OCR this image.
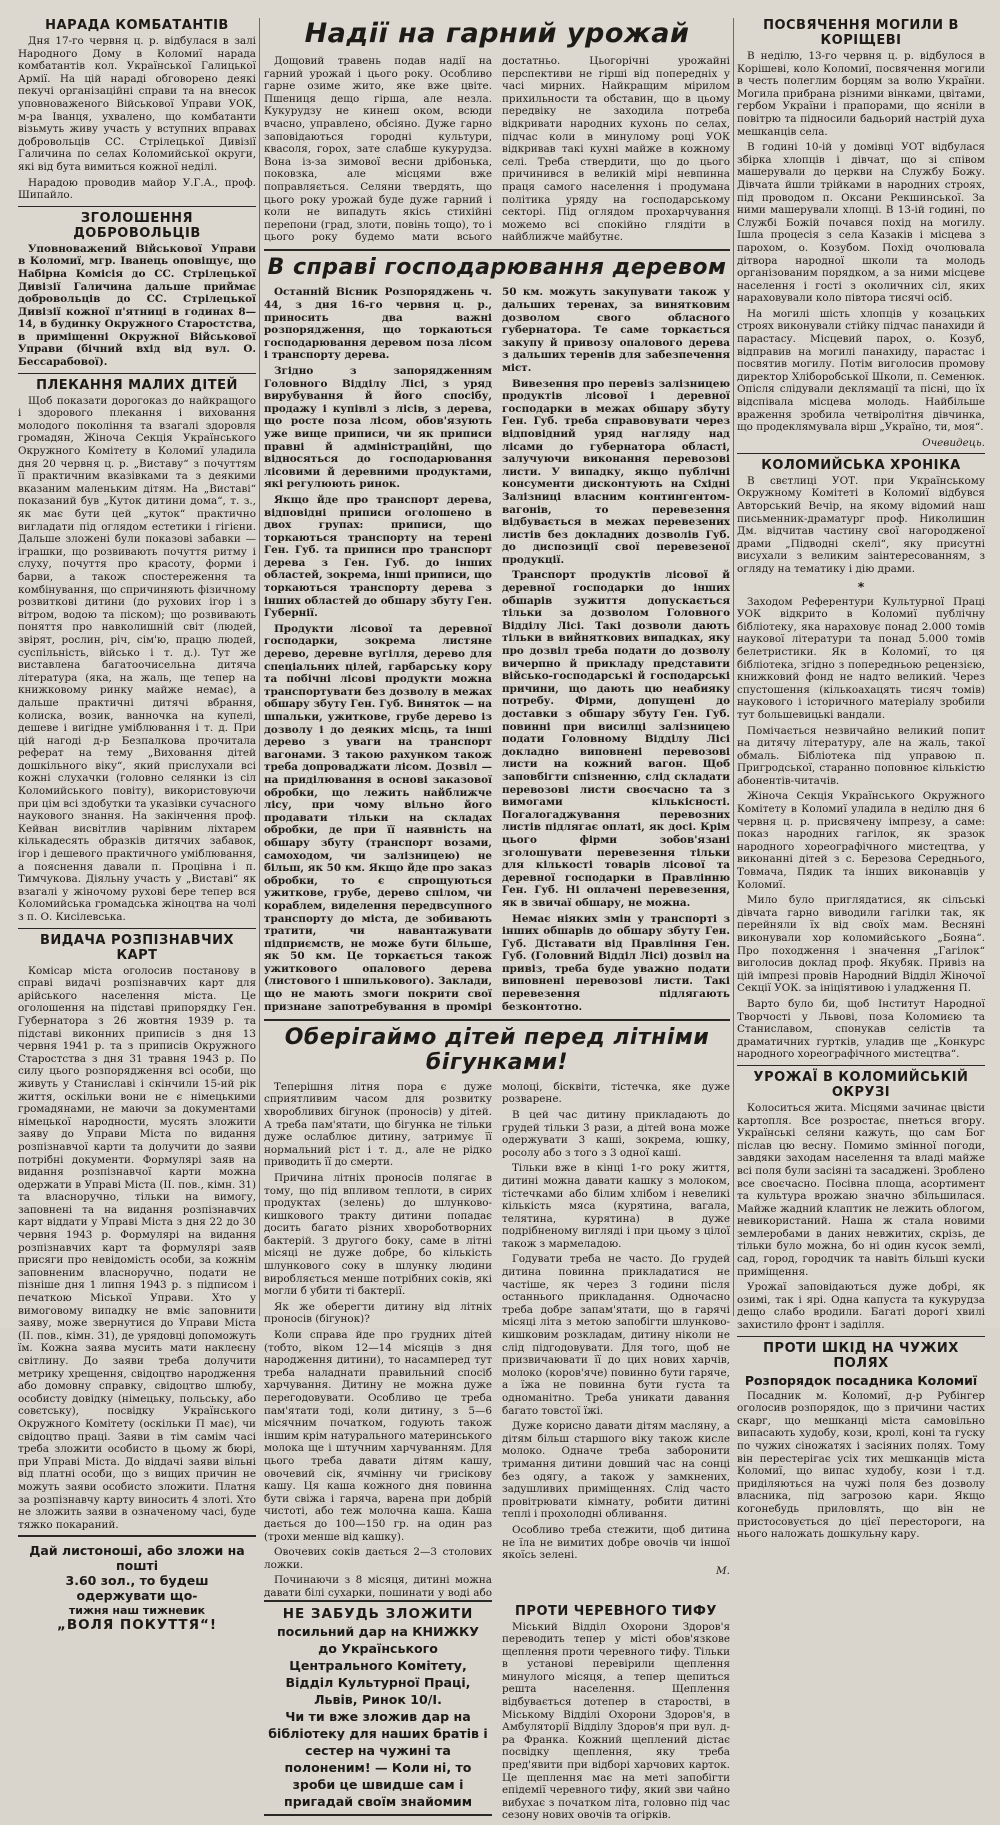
НАРАДА КОМБАТАНТІВ

Дня 17-го червня ц. р. відбулася в залі Народного Дому в Коломиї нарада комбатантів кол. Української Галицької Армії. На цій нараді обговорено деякі пекучі організаційні справи та на внесок уповноваженого Військової Управи УОК, м-ра Іванця, ухвалено, що комбатанти візьмуть живу участь у вступних вправах добровольців СС. Стрілецької Дивізії Галичина по селах Коломийської округи, які від бута вимиться кожної неділі.

Нарадою проводив майор У.Г.А., проф. Шипайло.

ЗГОЛОШЕННЯ ДОБРОВОЛЬЦІВ

Уповноважений Військової Управи в Коломиї, мгр. Іванець оповіщує, що Набірна Комісія до СС. Стрілецької Дивізії Галичина дальше приймає добровольців до СС. Стрілецької Дивізії кожної п'ятниці в годинах 8—14, в будинку Окружного Старостства, в приміщенні Окружної Військової Управи (бічний вхід від вул. О. Бессарабової).

ПЛЕКАННЯ МАЛИХ ДІТЕЙ

Щоб показати дорогоказ до найкращого і здорового плекання і виховання молодого покоління та взагалі здоровля громадян, Жіноча Секція Українського Окружного Комітету в Коломиї уладила дня 20 червня ц. р. „Виставу“ з почуттям її практичним вказівками та з деякими вказаним маленьким дітям. На „Виставі“ показаний був „Куток дитини дома“, т. з., як має бути цей „куток“ практично вигладати під оглядом естетики і гігієни. Дальше зложені були показові забавки — іграшки, що розвивають почуття ритму і слуху, почуття про красоту, форми і барви, а також спостереження та комбінування, що спричиняють фізичному розвиткові дитини (до рухових ігор і з вітром, водою та піском); що розвивають поняття про навколишній світ (людей, звірят, рослин, річ, сім'ю, працю людей, суспільність, військо і т. д.). Тут же виставлена багатоочисельна дитяча література (яка, на жаль, ще тепер на книжковому ринку майже немає), а дальше практичні дитячі вбрання, колиска, возик, ванночка на купелі, дешеве і вигідне уміблювання і т. д. При цій нагоді д-р Безпалкова прочитала реферат на тему „Виховання дітей дошкільного віку“, який прислухали всі кожні слухачки (головно селянки із сіл Коломийського повіту), використовуючи при цім всі здобутки та указівки сучасного наукового знання. На закінчення проф. Кейван висвітлив чарівним ліхтарем кількадесять образків дитячих забавок, ігор і дешевого практичного уміблювання, а пояснення давали п. Процівна і п. Тимчукова. Діяльну участь у „Виставі“ як взагалі у жіночому рухові бере тепер вся Коломийська громадська жіноцтва на чолі з п. О. Кисілевська.

ВИДАЧА РОЗПІЗНАВЧИХ КАРТ

Комісар міста оголосив постанову в справі видачі розпізнавчих карт для арійського населення міста. Це оголошення на підставі припорядку Ген. Губернатора з 26 жовтня 1939 р. та підставі виконних приписів з дня 13 червня 1941 р. та з приписів Окружного Старостства з дня 31 травня 1943 р. По силу цього розпорядження всі особи, що живуть у Станиславі і скінчили 15-ий рік життя, оскільки вони не є німецькими громадянами, не маючи за документами німецької народности, мусять зложити заяву до Управи Міста по видання розпізнавчої карти та долучити до заяви потрібні документи. Формулярі заяв на видання розпізнавчої карти можна одержати в Управі Міста (ІІ. пов., кімн. 31) та власноручно, тільки на вимогу, заповнені та на видання розпізнавчих карт віддати у Управі Міста з дня 22 до 30 червня 1943 р. Формулярі на видання розпізнавчих карт та формулярі заяв присяги про невідомість особи, за кожнім заповненим власноручно, подати не пізніше дня 1 липня 1943 р. з підписом і печаткою Міської Управи. Хто у вимоговому випадку не вміє заповнити заяву, може звернутися до Управи Міста (II. пов., кімн. 31), де урядовці допоможуть їм. Кожна заява мусить мати наклеєну світлину. До заяви треба долучити метрику хрещення, свідоцтво народження або домовну справку, свідоцтво шлюбу, особисту довідку (німецьку, польську, або совєтську), посвідку Українського Окружного Комітету (оскільки П має), чи свідоцтво праці. Заяви в тім самім часі треба зложити особисто в цьому ж бюрі, при Управі Міста. До віддачі заяви вільні від платні особи, що з вищих причин не можуть заяви особисто зложити. Платня за розпізнавчу карту виносить 4 злоті. Хто не зложить заяви в означеному часі, буде тяжко покараний.

Дай листоноші, або зложи на пошті
3.60 зол., то будеш одержувати що-
тижня наш тижневик
„ВОЛЯ ПОКУТТЯ“!
Надії на гарний урожай

Дощовий травень подав надії на гарний урожай і цього року. Особливо гарне озиме жито, яке вже цвіте. Пшениця дещо гірша, але незла. Кукурудзу не кинеш оком, всюди вчасно, управлено, обсіяно. Дуже гарно заповідаються городні культури, квасоля, горох, зате слабше кукурудза. Вона із-за зимової весни дрібонька, поковзка, але місцями вже поправляється. Селяни твердять, що цього року урожай буде дуже гарний і коли не випадуть якісь стихійні перепони (град, злоти, повінь тощо), то і цього року будемо мати всього достатньо. Цьогорічні урожайні перспективи не гірші від попередніх у часі мирних. Найкращим мірилом прихильности та обставин, що в цьому передвіку не заходила потреба відкривати народних кухонь по селах, підчас коли в минулому році УОК відкривав такі кухні майже в кожному селі. Треба ствердити, що до цього причинився в великій мірі невпинна праця самого населення і продумана політика уряду на господарському секторі. Під оглядом прохарчування можемо всі спокійно глядіти в найближче майбутнє.

В справі господарювання деревом

Останній Вісник Розпоряджень ч. 44, з дня 16-го червня ц. р., приносить два важні розпорядження, що торкаються господарювання деревом поза лісом і транспорту дерева.

Згідно з запорядженням Головного Відділу Лісі, з уряд вирубування й його спосібу, продажу і купівлі з лісів, з дерева, що росте поза лісом, обов'язують уже вище приписи, чи як приписи правні й адміністраційні, що відносяться до господарювання лісовими й деревними продуктами, які регулюють ринок.

Якщо йде про транспорт дерева, відповідні приписи оголошено в двох групах: приписи, що торкаються транспорту на терені Ген. Губ. та приписи про транспорт дерева з Ген. Губ. до інших областей, зокрема, інші приписи, що торкаються транспорту дерева з інших областей до обшару збуту Ген. Губернії.

Продукти лісової та деревної господарки, зокрема листяне дерево, деревне вугілля, дерево для спеціальних цілей, гарбарську кору та побічні лісові продукти можна транспортувати без дозволу в межах обшару збуту Ген. Губ. Виняток — на шпальки, ужиткове, грубе дерево із дозволу і до деяких місць, та інші дерево з уваги на транспорт вагонами. З такою рахунком також треба допроваджати лісом. Дозвіл — на приділювання в основі заказової обробки, що лежить найближче лісу, при чому вільно його продавати тільки на складах обробки, де при її наявність на обшару збуту (транспорт возами, самоходом, чи залізницею) не більш, як 50 км. Якщо йде про заказ обробки, то є спрощуються ужиткове, грубе, дерево спілом, чи кораблем, виделення передвсупного транспорту до міста, де зобивають тратити, чи навантажувати підприємств, не може бути більше, як 50 км. Це торкається також ужиткового опалового дерева (листового і шпилькового). Заклади, що не мають змоги покрити свої признане запотребування в промірі 50 км. можуть закупувати також у дальших теренах, за винятковим дозволом свого обласного губернатора. Те саме торкається закупу й привозу опалового дерева з дальших теренів для забезпечення міст.

Вивезення про перевіз залізницею продуктів лісової і деревної господарки в межах обшару збуту Ген. Губ. треба справовувати через відповідний уряд нагляду над лісами до губернатора області, залучуючи виконання перевозові листи. У випадку, якщо публічні консументи дисконтують на Східні Залізниці власним контингентом-вагонів, то перевезення відбувається в межах перевезених листів без докладних дозволів Губ. до диспозиції свої перевезеної продукції.

Транспорт продуктів лісової й деревної господарки до інших обшарів зужиття допускається тільки за дозволом Головного Відділу Лісі. Такі дозволи дають тільки в вийняткових випадках, яку про дозвіл треба подати до дозволу вичерпно й прикладу представити військо-господарські й господарські причини, що дають цю неабияку потребу. Фірми, допущені до доставки з обшару збуту Ген. Губ. повинні при висилці залізницею подати Головному Відділу Лісі докладно виповнені перевозові листи на кожний вагон. Щоб заповбігти спізненню, слід складати перевозові листи своєчасно та з вимогами кількісності. Погалогаджування перевозних листів підлягає оплаті, як досі. Крім цього фірми зобов'язані зголошувати перевезення тільки для кількості товарів лісової та деревної господарки в Правлінню Ген. Губ. Ні оплачені перевезення, як в звичаї обшару, не можна.

Немає ніяких змін у транспорті з інших обшарів до обшару збуту Ген. Губ. Діставати від Правління Ген. Губ. (Головний Відділ Лісі) дозвіл на привіз, треба буде уважно подати виповнені перевозові листи. Такі перевезення підлягають безконтотно.

Оберігаймо дітей перед літніми бігунками!

Теперішня літня пора є дуже сприятливим часом для розвитку хворобливих бігунок (проносів) у дітей. А треба пам'ятати, що бігунка не тільки дуже ослаблює дитину, затримує її нормальний ріст і т. д., але не рідко приводить її до смерти.

Причина літніх проносів полягає в тому, що під впливом теплоти, в сирих продуктах (зелень) до шлунково-кишкового тракту дитини попадає досить багато різних хвороботворних бактерій. З другого боку, саме в літні місяці не дуже добре, бо кількість шлункового соку в шлунку людини виробляється менше потрібних соків, які могли б убити ті бактерії.

Як же оберегти дитину від літніх проносів (бігунок)?

Коли справа йде про грудних дітей (тобто, віком 12—14 місяців з дня народження дитини), то насамперед тут треба наладнати правильний спосіб харчування. Дитину не можна дуже перегодовувати. Особливо це треба пам'ятати тоді, коли дитину, з 5—6 місячним початком, годують також іншим крім натурального материнського молока ще і штучним харчуванням. Для цього треба давати дітям кашу, овочевий сік, ячмінну чи грисікову кашу. Ця каша кожного дня повинна бути свіжа і гаряча, варена при добрій чистоті, або теж молочна каша. Каша дається до 100—150 гр. на один раз (трохи менше від кашку).

Овочевих соків дається 2—3 столових ложки.

Починаючи з 8 місяця, дитині можна давати білі сухарки, пошинати у воді або молоці, бісквіти, тістечка, яке дуже розварене.

В цей час дитину прикладають до грудей тільки 3 рази, а дітей вона може одержувати 3 каші, зокрема, юшку, росолу або з того з 3 одної каші.

Тільки вже в кінці 1-го року життя, дитині можна давати кашку з молоком, тістечками або білим хлібом і невеликі кількість мяса (курятина, вагала, телятина, курятина) в дуже подрібненому вигляді і при цьому з цілої також з мармеладою.

Годувати треба не часто. До грудей дитина повинна прикладатися не частіше, як через 3 години після останнього прикладання. Одночасно треба добре запам'ятати, що в гарячі місяці літа з метою запобігти шлунково-кишковим розкладам, дитину ніколи не слід підгодовувати. Для того, щоб не призвичаювати її до цих нових харчів, молоко (коров'яче) повинно бути гаряче, а їжа не повинна бути густа та одноманітно. Треба уникати давання багато товстої їжі.

Дуже корисно давати дітям масляну, а дітям більш старшого віку також кисле молоко. Одначе треба заборонити тримання дитини довший час на сонці без одягу, а також у замкнених, задушливих приміщеннях. Слід часто провітрювати кімнату, робити дитині теплі і прохолодні обливання.

Особливо треба стежити, щоб дитина не їла не вимитих добре овочів чи іншої якоїсь зелені.

М.
НЕ ЗАБУДЬ ЗЛОЖИТИ
посильний дар на КНИЖКУ до Українського Центрального Комітету, Відділ Культурної Праці, Львів, Ринок 10/І.
Чи ти вже зложив дар на бібліотеку для наших братів і сестер на чужині та полоненим! — Коли ні, то зроби це швидше сам і пригадай своїм знайомим
ПРОТИ ЧЕРЕВНОГО ТИФУ

Міський Відділ Охорони Здоров'я переводить тепер у місті обов'язкове щеплення проти черевного тифу. Тільки в установі перевірили щеплення минулого місяця, а тепер щепиться решта населення. Щеплення відбувається дотепер в старостві, в Міському Відділі Охорони Здоров'я, в Амбуляторії Відділу Здоров'я при вул. д-ра Франка. Кожний щеплений дістає посвідку щеплення, яку треба пред'явити при відборі харчових карток. Це щеплення має на меті запобігти епідемії черевного тифу, який зви чайно вибухає з початком літа, головно під час сезону нових овочів та огірків.

ПОСВЯЧЕННЯ МОГИЛИ В КОРІЩЕВІ

В неділю, 13-го червня ц. р. відбулося в Корішеві, коло Коломиї, посвячення могили в честь полеглим борцям за волю України. Могила прибрана різними вінками, цвітами, гербом України і прапорами, що ясніли в повітрю та підносили бадьорий настрій духа мешканців села.

В годині 10-ій у домівці УОТ відбулася збірка хлопців і дівчат, що зі співом машерували до церкви на Службу Божу. Дівчата йшли трійками в народних строях, під проводом п. Оксани Рекшинської. За ними машерували хлопці. В 13-ій годині, по Службі Божій почався похід на могилу. Ішла процесія з села Казаків і місцева з парохом, о. Козубом. Похід очолювала дітвора народної школи та молодь організованим порядком, а за ними місцеве населення і гості з околичних сіл, яких нараховували коло півтора тисячі осіб.

На могилі шість хлопців у козацьких строях виконували стійку підчас панахиди й парастасу. Місцевий парох, о. Козуб, відправив на могилі панахиду, парастас і посвятив могилу. Потім виголосив промову директор Хліборобської Школи, п. Семенюк. Опісля слідували деклямації та пісні, що їх відспівала місцева молодь. Найбільше враження зробила четвіролітня дівчинка, що продеклямувала вірш „Україно, ти, моя“.

Очевидець.
КОЛОМИЙСЬКА ХРОНІКА

В свєтлиці УОТ. при Українському Окружному Комітеті в Коломиї відбувся Авторський Вечір, на якому відомий наш письменник-драматург проф. Николишин Дм. відчитав частину свої нагородженої драми „Підводні скелі“, яку присутні висухали з великим заінтересованням, з огляду на тематику і дію драми.

*

Заходом Референтури Культурної Праці УОК відкрито в Коломиї публічну бібліотеку, яка нараховує понад 2.000 томів наукової літератури та понад 5.000 томів белетристики. Як в Коломиї, то ця бібліотека, згідно з попередньою рецензією, книжковий фонд не надто великий. Через спустошення (кількоахацять тисяч томів) наукового і історичного матеріалу зробили тут большевицькі вандали.

Помічається незвичайно великий попит на дитячу літературу, але на жаль, такої обмаль. Бібліотека під управою п. Пригродської, старанно поповнює кількістю абонентів-читачів.

Жіноча Секція Українського Окружного Комітету в Коломиї уладила в неділю дня 6 червня ц. р. присвячену імпрезу, а саме: показ народних гагілок, як зразок народного хореографічного мистецтва, у виконанні дітей з с. Березова Середнього, Товмача, Пядик та інших виконавців у Коломиї.

Мило було приглядатися, як сільські дівчата гарно виводили гагілки так, як перейняли їх від своїх мам. Весняні виконували хор коломийського „Бояна“. Про походження і значення „Гагілок“ виголосив доклад проф. Якубяк. Привіз на цій імпрезі провів Народний Відділ Жіночої Секції УОК. за ініціятивою і уладження П.

Варто було би, щоб Інститут Народної Творчості у Львові, поза Коломиєю та Станиславом, спонукав селістів та драматичних гуртків, уладив ще „Конкурс народного хореографічного мистецтва“.

УРОЖАЇ В КОЛОМИЙСЬКІЙ ОКРУЗІ

Колоситься жита. Місцями зачинає цвісти картопля. Все розростає, пнеться вгору. Українські селяни кажуть, що сам Бог післав цю весну. Помимо змінної погоди, завдяки заходам населення та владі майже всі поля були засіяні та засаджені. Зроблено все своєчасно. Посівна площа, асортимент та культура врожаю значно збільшилася. Майже жадний клаптик не лежить облогом, невикористаний. Наша ж стала новими землеробами в даних невжитих, скрізь, де тільки було можна, бо ні один кусок землі, сад, город, городчик та навіть більші куски приміщення.

Урожаї заповідаються дуже добрі, як озимі, так і ярі. Одна капуста та кукурудза дещо слабо вродили. Багаті дорогі хвилі захистило фронт і заділля.

ПРОТИ ШКІД НА ЧУЖИХ ПОЛЯХ
Розпорядок посадника Коломиї

Посадник м. Коломиї, д-р Рубінгер оголосив розпорядок, що з причини частих скарг, що мешканці міста самовільно випасають худобу, кози, кролі, коні та гуску по чужих сіножатях і засіяних полях. Тому він перестерігає усіх тих мешканців міста Коломиї, що випас худобу, кози і т.д. приділяються на чужі поля без дозволу власника, під загрозою кари. Якщо когонебудь приловлять, що він не пристосовується до цієї перестороги, на нього наложать дошкульну кару.
